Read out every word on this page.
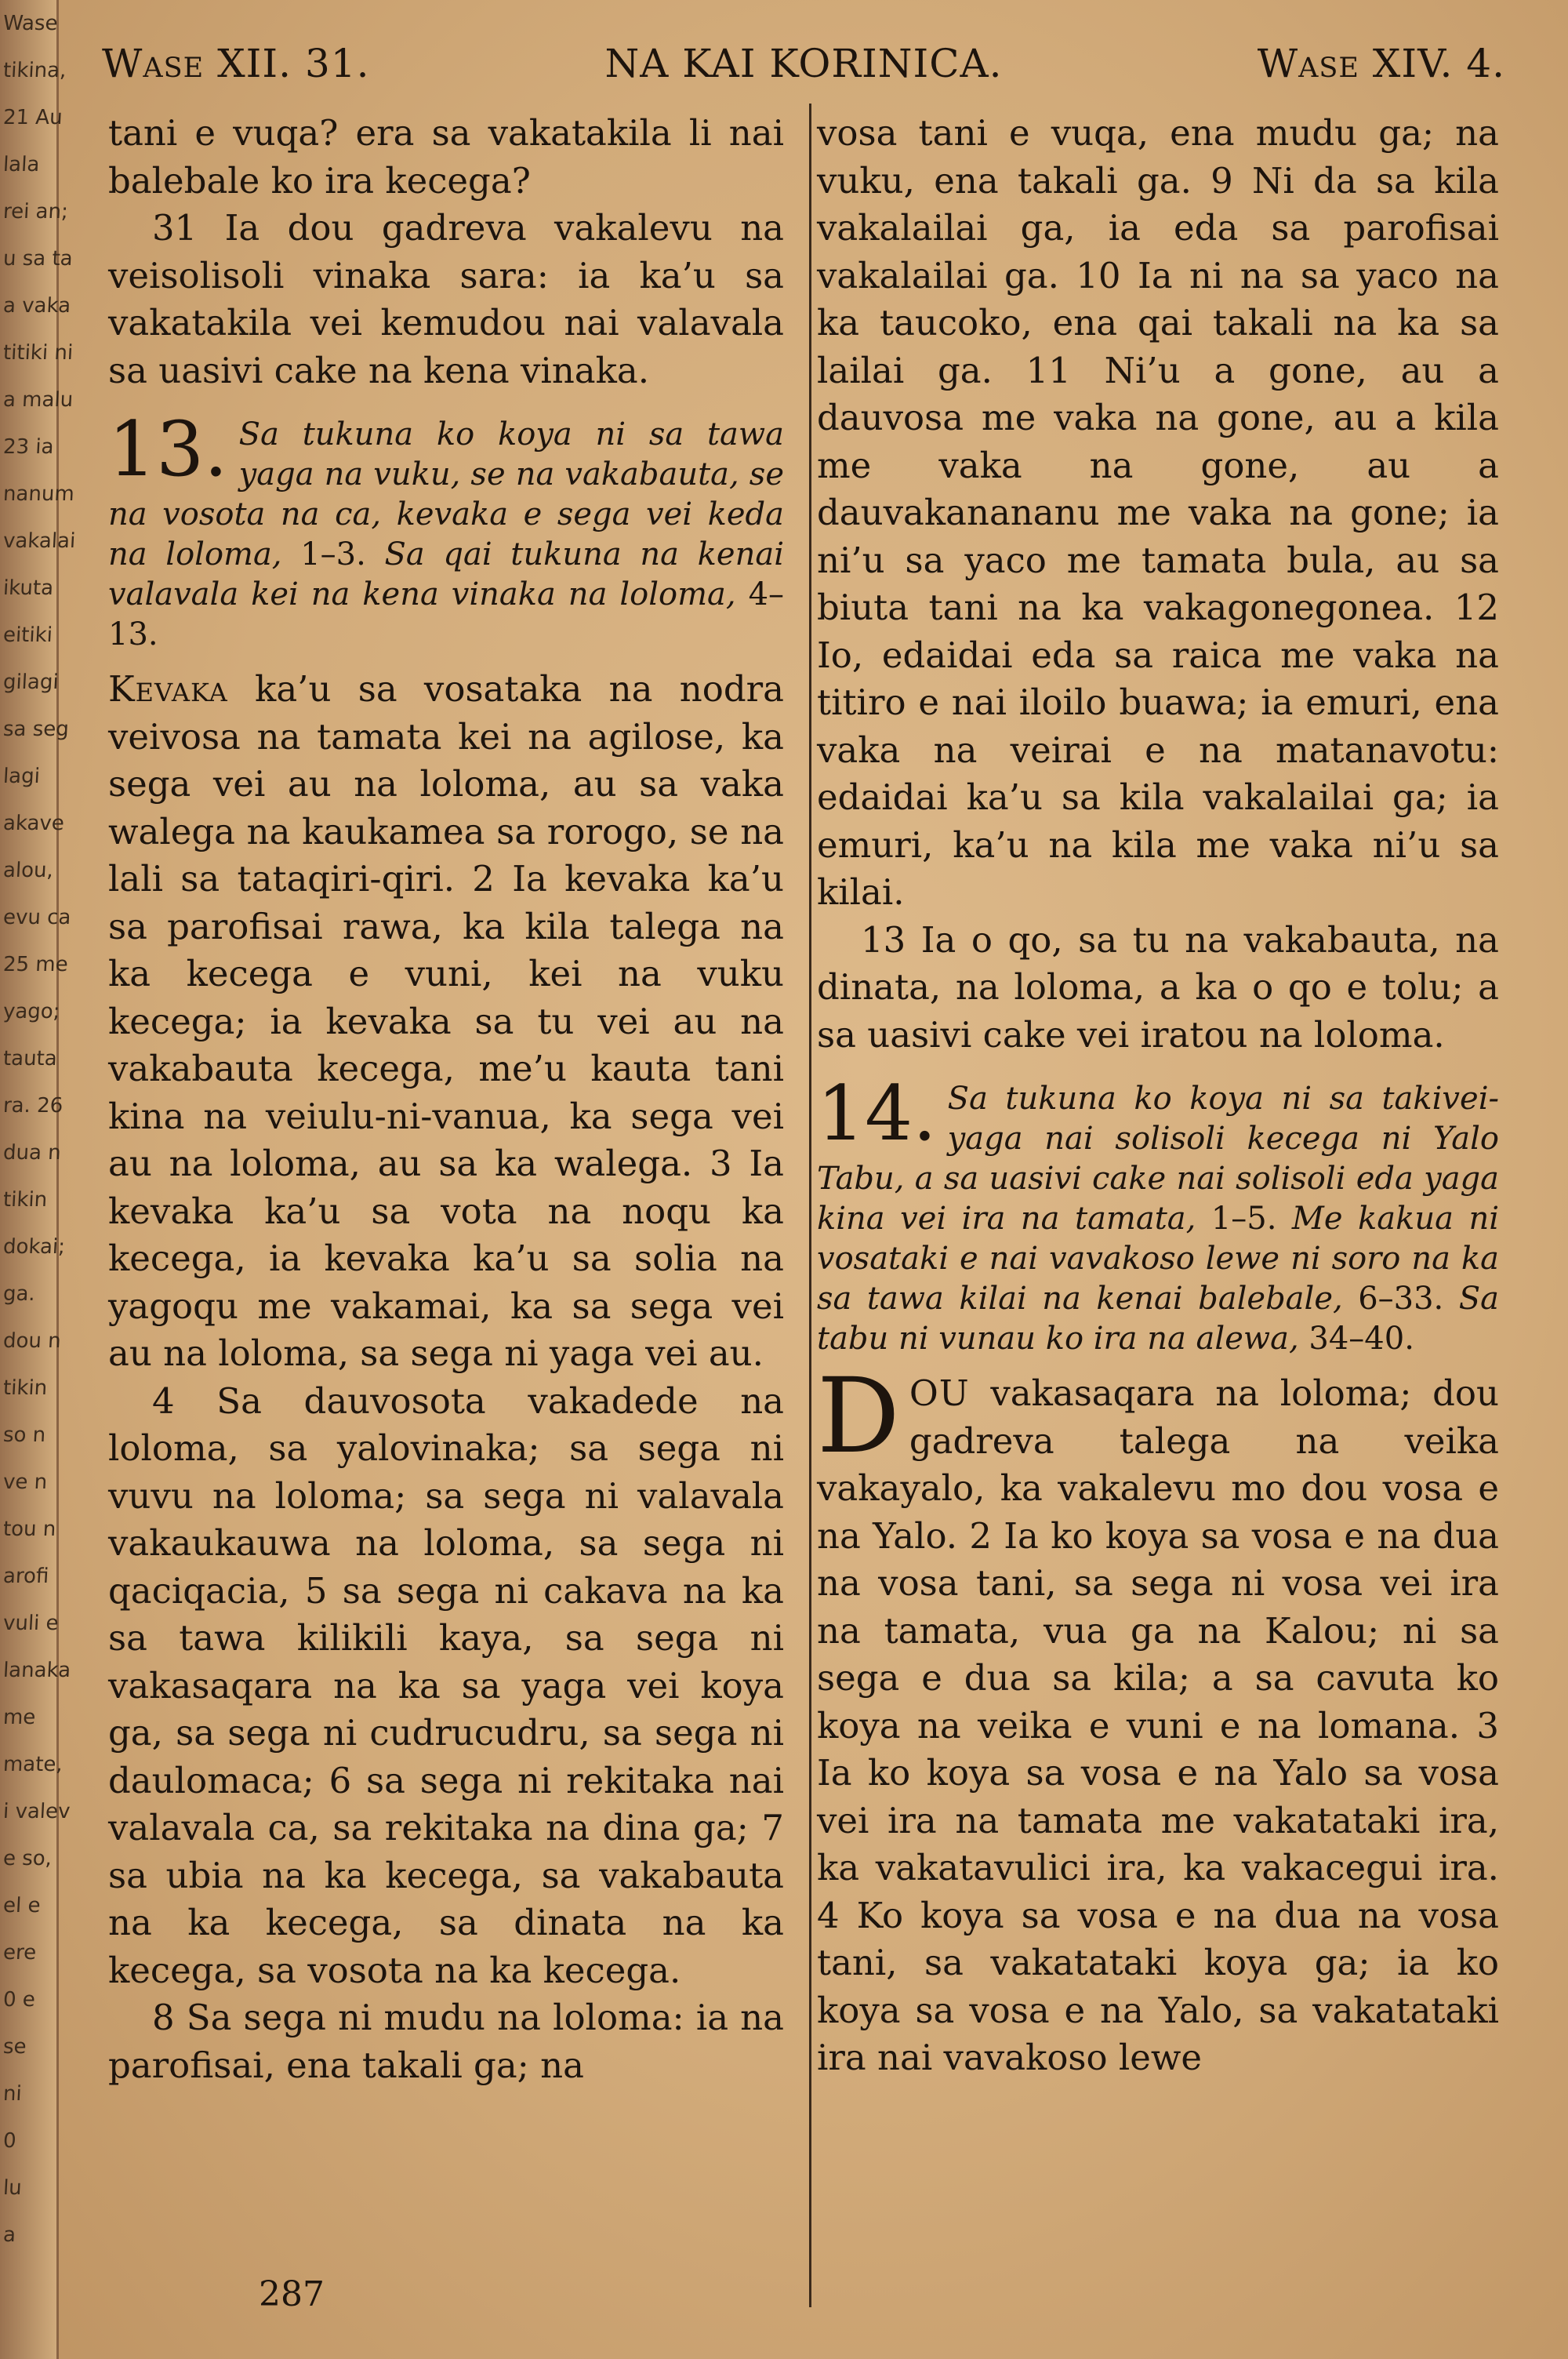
Wase
tikina,
21 Au
lala
rei an;
u sa ta
a vaka
titiki ni
a malu
23 ia
nanum
vakalai
ikuta
eitiki
gilagi
sa seg
lagi
akave
alou,
evu ca
25 me
yago;
tauta
ra. 26
dua n
tikin
dokai;
ga.
dou n
tikin
so n
ve n
tou n
arofi
vuli e
lanaka
me
mate,
i valev
e so,
el e
ere
0 e
se
ni
0
lu
a
Wase XII. 31.	NA KAI KORINICA.	Wase XIV. 4.

tani e vuqa? era sa vakatakila li nai balebale ko ira kecega?

31 Ia dou gadreva vakalevu na veisolisoli vinaka sara: ia ka’u sa vakatakila vei kemudou nai valavala sa uasivi cake na kena vinaka.

13. Sa tukuna ko koya ni sa tawa yaga na vuku, se na vakabauta, se na vosota na ca, kevaka e sega vei keda na loloma, 1–3. Sa qai tukuna na kenai valavala kei na kena vinaka na loloma, 4–13.

Kevaka ka’u sa vosataka na nodra veivosa na tamata kei na agilose, ka sega vei au na loloma, au sa vaka walega na kaukamea sa rorogo, se na lali sa tataqiri-qiri. 2 Ia kevaka ka’u sa parofisai rawa, ka kila talega na ka kecega e vuni, kei na vuku kecega; ia kevaka sa tu vei au na vakabauta kecega, me’u kauta tani kina na veiulu-ni-vanua, ka sega vei au na loloma, au sa ka walega. 3 Ia kevaka ka’u sa vota na noqu ka kecega, ia kevaka ka’u sa solia na yagoqu me vakamai, ka sa sega vei au na loloma, sa sega ni yaga vei au.

4 Sa dauvosota vakadede na loloma, sa yalovinaka; sa sega ni vuvu na loloma; sa sega ni valavala vakaukauwa na loloma, sa sega ni qaciqacia, 5 sa sega ni cakava na ka sa tawa kilikili kaya, sa sega ni vakasaqara na ka sa yaga vei koya ga, sa sega ni cudrucudru, sa sega ni daulomaca; 6 sa sega ni rekitaka nai valavala ca, sa rekitaka na dina ga; 7 sa ubia na ka kecega, sa vakabauta na ka kecega, sa dinata na ka kecega, sa vosota na ka kecega.

8 Sa sega ni mudu na loloma: ia na parofisai, ena takali ga; na

vosa tani e vuqa, ena mudu ga; na vuku, ena takali ga. 9 Ni da sa kila vakalailai ga, ia eda sa parofisai vakalailai ga. 10 Ia ni na sa yaco na ka taucoko, ena qai takali na ka sa lailai ga. 11 Ni’u a gone, au a dauvosa me vaka na gone, au a kila me vaka na gone, au a dauvakanananu me vaka na gone; ia ni’u sa yaco me tamata bula, au sa biuta tani na ka vakagonegonea. 12 Io, edaidai eda sa raica me vaka na titiro e nai iloilo buawa; ia emuri, ena vaka na veirai e na matanavotu: edaidai ka’u sa kila vakalailai ga; ia emuri, ka’u na kila me vaka ni’u sa kilai.

13 Ia o qo, sa tu na vakabauta, na dinata, na loloma, a ka o qo e tolu; a sa uasivi cake vei iratou na loloma.

14. Sa tukuna ko koya ni sa takivei-yaga nai solisoli kecega ni Yalo Tabu, a sa uasivi cake nai solisoli eda yaga kina vei ira na tamata, 1–5. Me kakua ni vosataki e nai vavakoso lewe ni soro na ka sa tawa kilai na kenai balebale, 6–33. Sa tabu ni vunau ko ira na alewa, 34–40.

DOU vakasaqara na loloma; dou gadreva talega na veika vakayalo, ka vakalevu mo dou vosa e na Yalo. 2 Ia ko koya sa vosa e na dua na vosa tani, sa sega ni vosa vei ira na tamata, vua ga na Kalou; ni sa sega e dua sa kila; a sa cavuta ko koya na veika e vuni e na lomana. 3 Ia ko koya sa vosa e na Yalo sa vosa vei ira na tamata me vakatataki ira, ka vakatavulici ira, ka vakacegui ira. 4 Ko koya sa vosa e na dua na vosa tani, sa vakatataki koya ga; ia ko koya sa vosa e na Yalo, sa vakatataki ira nai vavakoso lewe

287
